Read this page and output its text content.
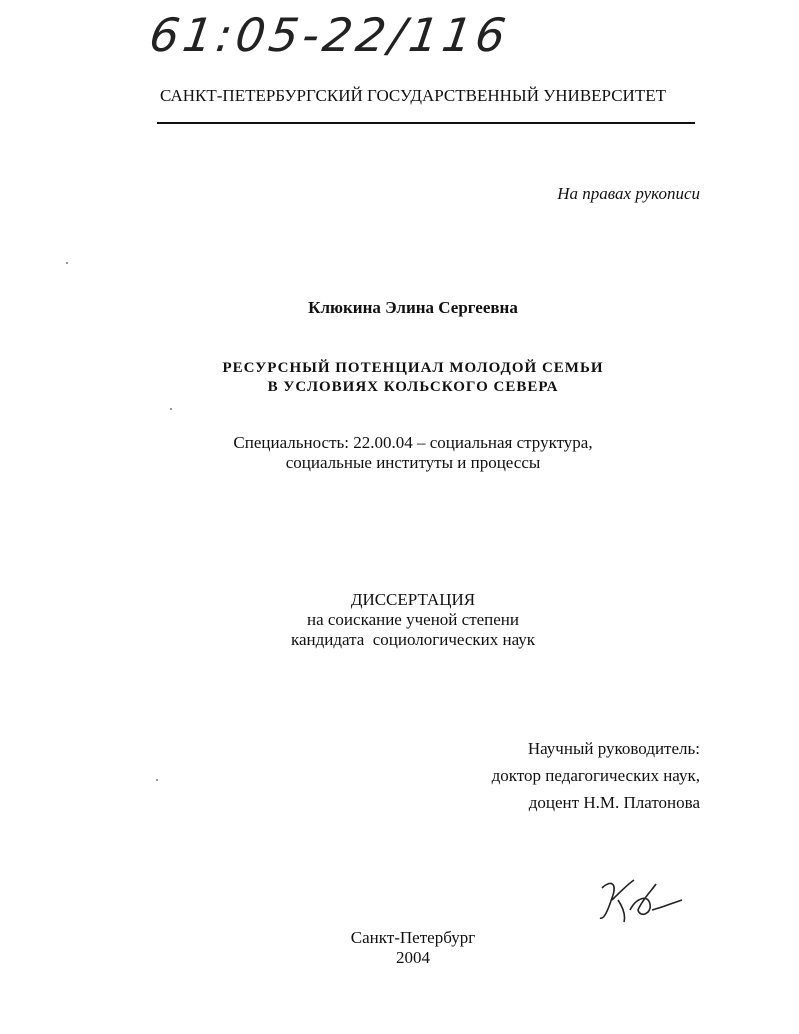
61:05-22/116
САНКТ-ПЕТЕРБУРГСКИЙ ГОСУДАРСТВЕННЫЙ УНИВЕРСИТЕТ
На правах рукописи
Клюкина Элина Сергеевна
РЕСУРСНЫЙ ПОТЕНЦИАЛ МОЛОДОЙ СЕМЬИ
В УСЛОВИЯХ КОЛЬСКОГО СЕВЕРА
Специальность: 22.00.04 – социальная структура,
социальные институты и процессы
ДИССЕРТАЦИЯ
на соискание ученой степени
кандидата  социологических наук
Научный руководитель:
доктор педагогических наук,
доцент Н.М. Платонова
Санкт-Петербург
2004
